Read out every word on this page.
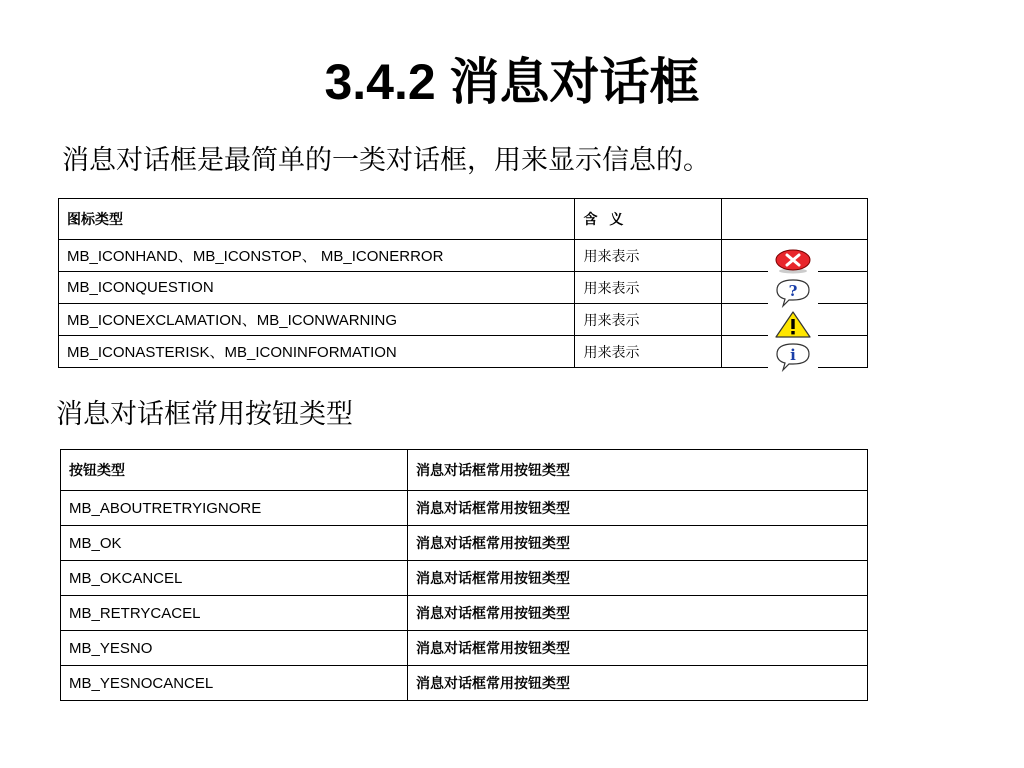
3.4.2 消息对话框
消息对话框是最简单的一类对话框，用来显示信息的。
图标类型	含 义	
MB_ICONHAND、MB_ICONSTOP、 MB_ICONERROR	用来表示	

MB_ICONQUESTION	用来表示	?

MB_ICONEXCLAMATION、MB_ICONWARNING	用来表示	

MB_ICONASTERISK、MB_ICONINFORMATION	用来表示	i
消息对话框常用按钮类型
按钮类型	消息对话框常用按钮类型
MB_ABOUTRETRYIGNORE	消息对话框常用按钮类型
MB_OK	消息对话框常用按钮类型
MB_OKCANCEL	消息对话框常用按钮类型
MB_RETRYCACEL	消息对话框常用按钮类型
MB_YESNO	消息对话框常用按钮类型
MB_YESNOCANCEL	消息对话框常用按钮类型
